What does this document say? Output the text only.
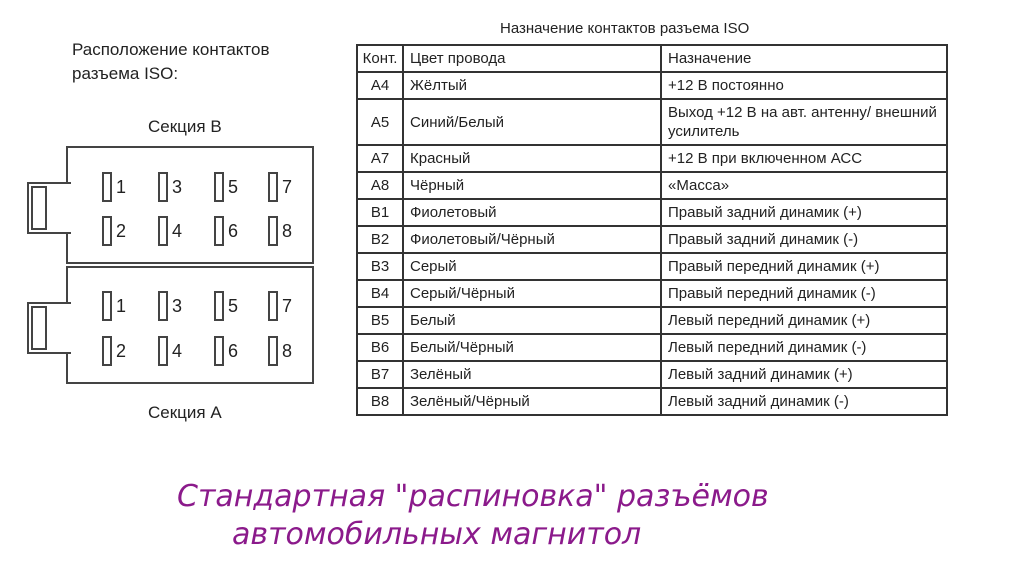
Расположение контактов
разъема ISO:
Секция В
1	3	5 7
2	4	6 8
1	3	5 7
2	4	6 8
Секция А
Назначение контактов разъема ISO
Конт.	Цвет провода	Назначение
A4	Жёлтый	+12 В постоянно
A5	Синий/Белый	Выход +12 В на авт. антенну/ внешний усилитель
A7	Красный	+12 В при включенном АСС
A8	Чёрный	«Масса»
B1	Фиолетовый	Правый задний динамик (+)
B2	Фиолетовый/Чёрный	Правый задний динамик (-)
B3	Серый	Правый передний динамик (+)
B4	Серый/Чёрный	Правый передний динамик (-)
B5	Белый	Левый передний динамик (+)
B6	Белый/Чёрный	Левый передний динамик (-)
B7	Зелёный	Левый задний динамик (+)
B8	Зелёный/Чёрный	Левый задний динамик (-)
Стандартная "распиновка" разъёмов
автомобильных магнитол
